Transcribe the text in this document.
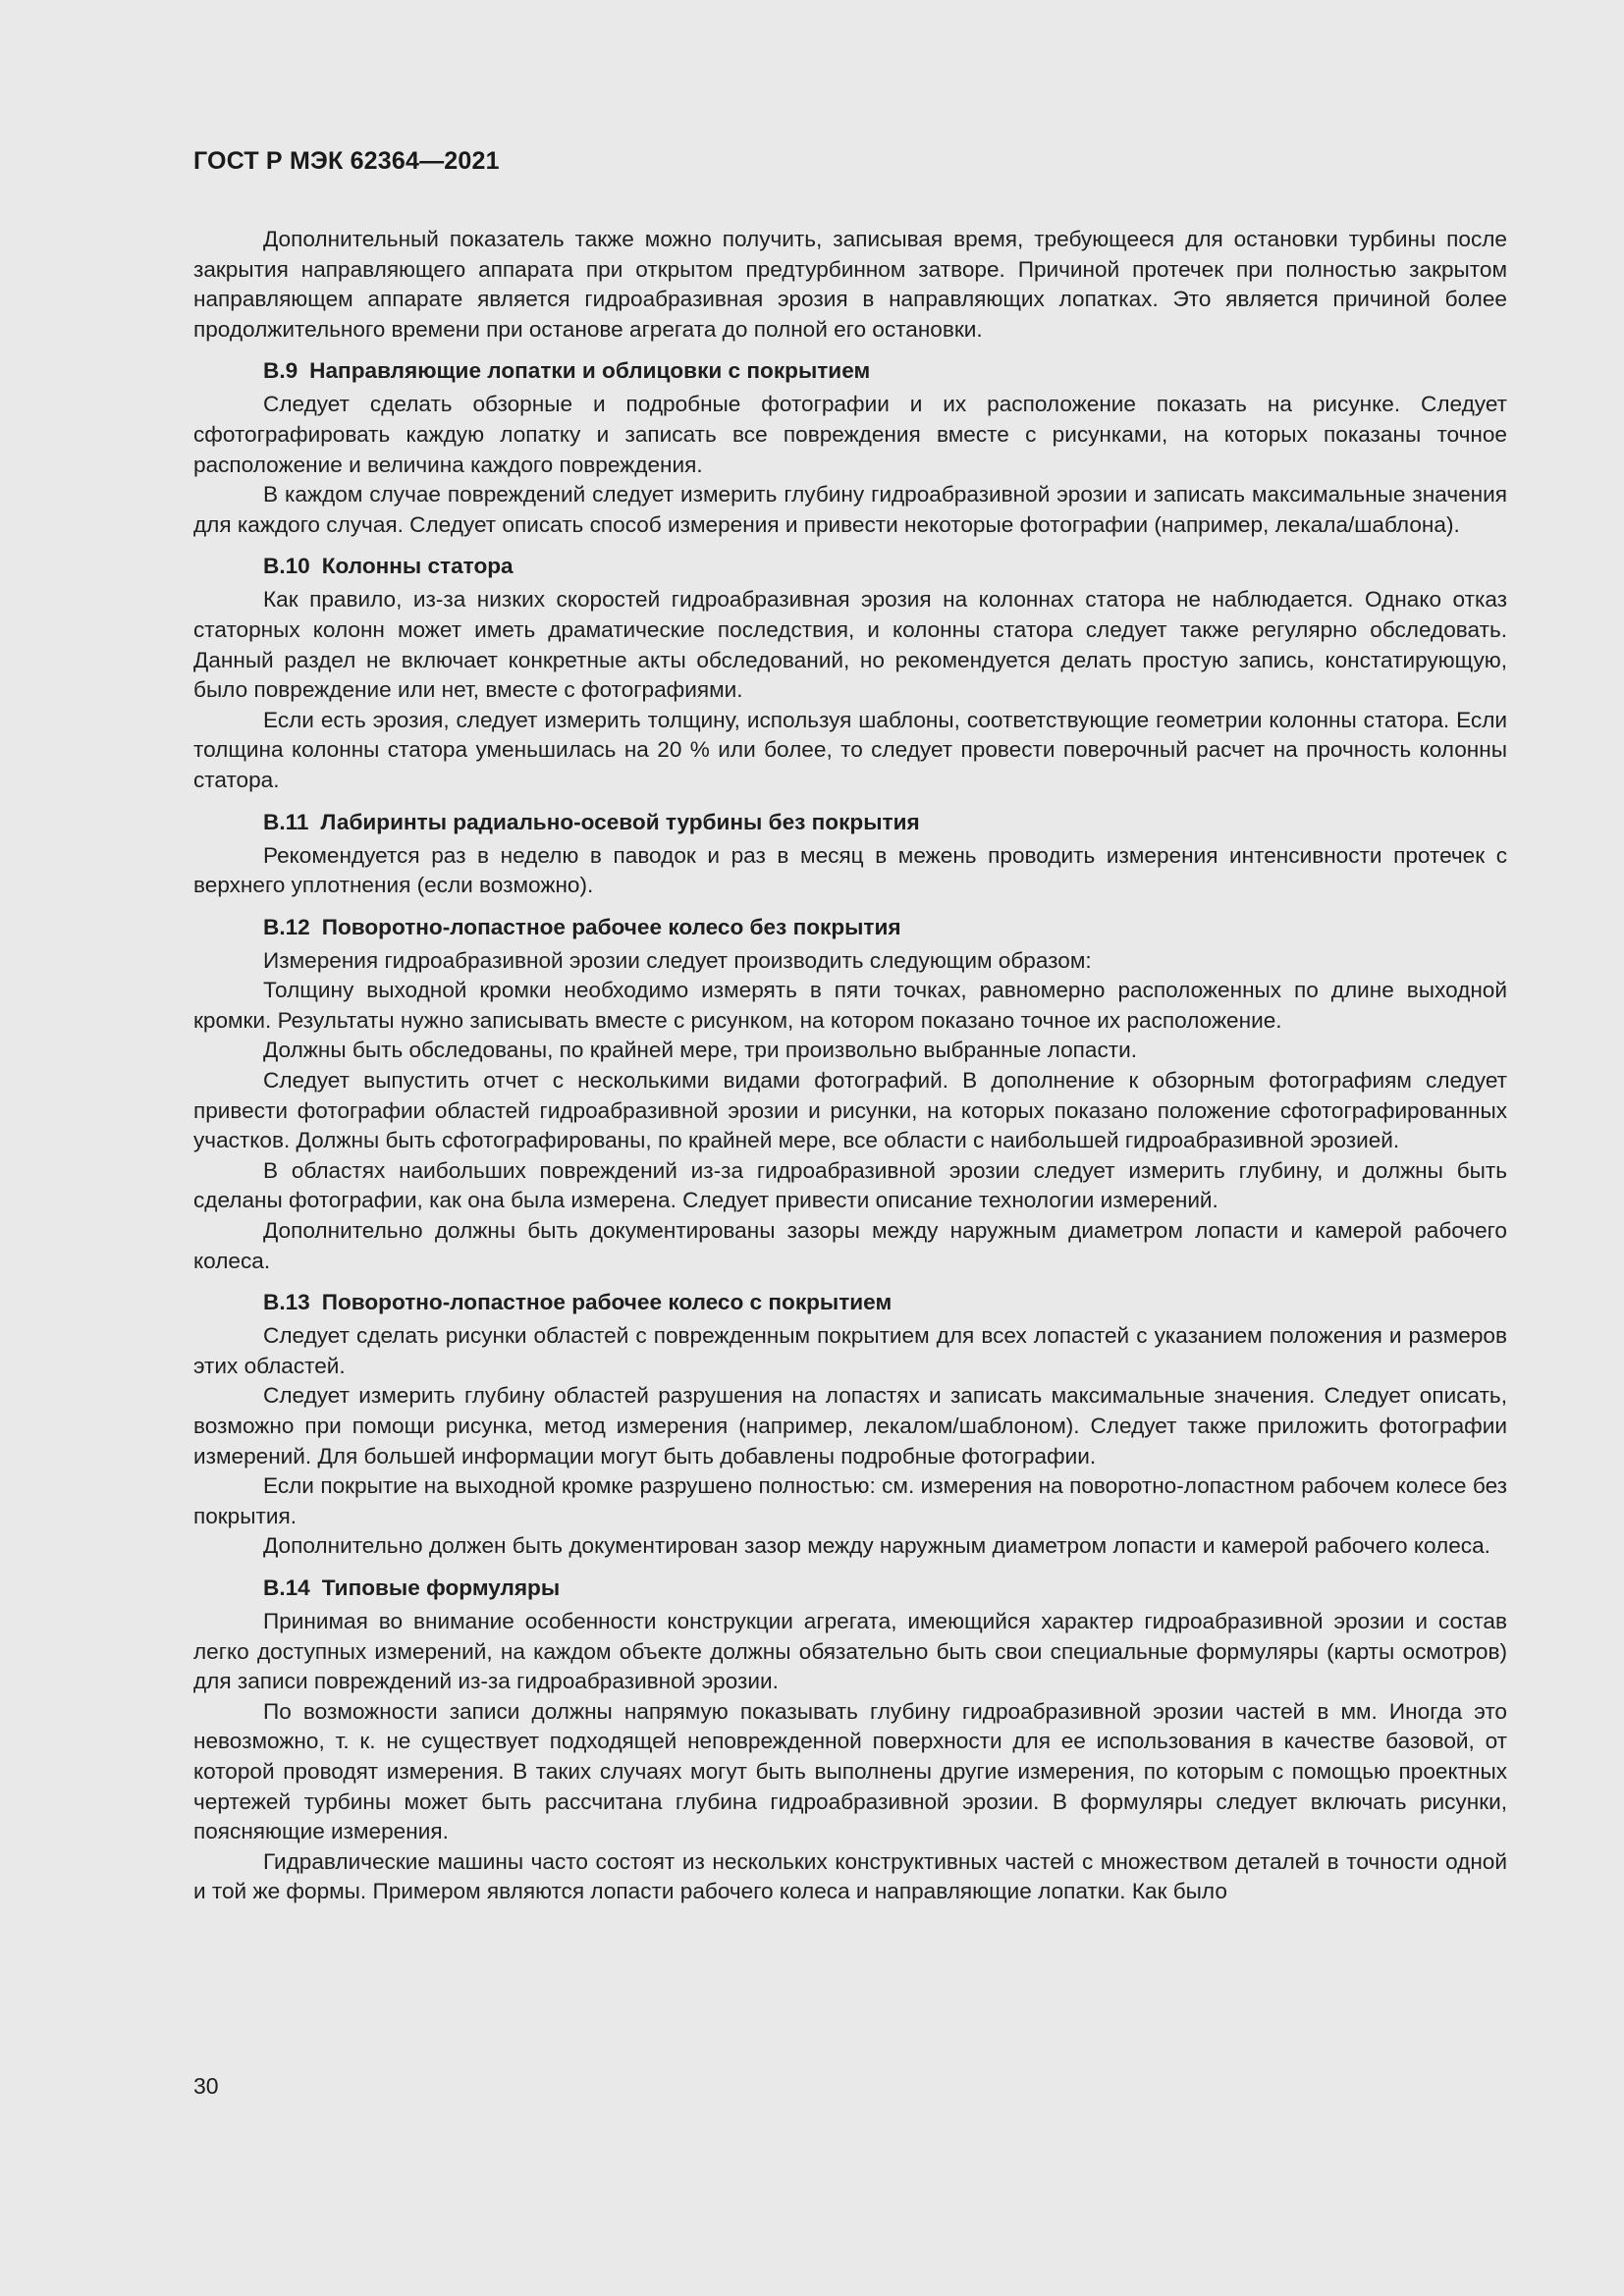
ГОСТ Р МЭК 62364—2021

Дополнительный показатель также можно получить, записывая время, требующееся для остановки турбины после закрытия направляющего аппарата при открытом предтурбинном затворе. Причиной протечек при полностью закрытом направляющем аппарате является гидроабразивная эрозия в направляющих лопатках. Это является причиной более продолжительного времени при останове агрегата до полной его остановки.

В.9 Направляющие лопатки и облицовки с покрытием

Следует сделать обзорные и подробные фотографии и их расположение показать на рисунке. Следует сфотографировать каждую лопатку и записать все повреждения вместе с рисунками, на которых показаны точное расположение и величина каждого повреждения.

В каждом случае повреждений следует измерить глубину гидроабразивной эрозии и записать максимальные значения для каждого случая. Следует описать способ измерения и привести некоторые фотографии (например, лекала/шаблона).

В.10 Колонны статора

Как правило, из-за низких скоростей гидроабразивная эрозия на колоннах статора не наблюдается. Однако отказ статорных колонн может иметь драматические последствия, и колонны статора следует также регулярно обследовать. Данный раздел не включает конкретные акты обследований, но рекомендуется делать простую запись, констатирующую, было повреждение или нет, вместе с фотографиями.

Если есть эрозия, следует измерить толщину, используя шаблоны, соответствующие геометрии колонны статора. Если толщина колонны статора уменьшилась на 20 % или более, то следует провести поверочный расчет на прочность колонны статора.

В.11 Лабиринты радиально-осевой турбины без покрытия

Рекомендуется раз в неделю в паводок и раз в месяц в межень проводить измерения интенсивности протечек с верхнего уплотнения (если возможно).

В.12 Поворотно-лопастное рабочее колесо без покрытия

Измерения гидроабразивной эрозии следует производить следующим образом:

Толщину выходной кромки необходимо измерять в пяти точках, равномерно расположенных по длине выходной кромки. Результаты нужно записывать вместе с рисунком, на котором показано точное их расположение.

Должны быть обследованы, по крайней мере, три произвольно выбранные лопасти.

Следует выпустить отчет с несколькими видами фотографий. В дополнение к обзорным фотографиям следует привести фотографии областей гидроабразивной эрозии и рисунки, на которых показано положение сфотографированных участков. Должны быть сфотографированы, по крайней мере, все области с наибольшей гидроабразивной эрозией.

В областях наибольших повреждений из-за гидроабразивной эрозии следует измерить глубину, и должны быть сделаны фотографии, как она была измерена. Следует привести описание технологии измерений.

Дополнительно должны быть документированы зазоры между наружным диаметром лопасти и камерой рабочего колеса.

В.13 Поворотно-лопастное рабочее колесо с покрытием

Следует сделать рисунки областей с поврежденным покрытием для всех лопастей с указанием положения и размеров этих областей.

Следует измерить глубину областей разрушения на лопастях и записать максимальные значения. Следует описать, возможно при помощи рисунка, метод измерения (например, лекалом/шаблоном). Следует также приложить фотографии измерений. Для большей информации могут быть добавлены подробные фотографии.

Если покрытие на выходной кромке разрушено полностью: см. измерения на поворотно-лопастном рабочем колесе без покрытия.

Дополнительно должен быть документирован зазор между наружным диаметром лопасти и камерой рабочего колеса.

В.14 Типовые формуляры

Принимая во внимание особенности конструкции агрегата, имеющийся характер гидроабразивной эрозии и состав легко доступных измерений, на каждом объекте должны обязательно быть свои специальные формуляры (карты осмотров) для записи повреждений из-за гидроабразивной эрозии.

По возможности записи должны напрямую показывать глубину гидроабразивной эрозии частей в мм. Иногда это невозможно, т. к. не существует подходящей неповрежденной поверхности для ее использования в качестве базовой, от которой проводят измерения. В таких случаях могут быть выполнены другие измерения, по которым с помощью проектных чертежей турбины может быть рассчитана глубина гидроабразивной эрозии. В формуляры следует включать рисунки, поясняющие измерения.

Гидравлические машины часто состоят из нескольких конструктивных частей с множеством деталей в точности одной и той же формы. Примером являются лопасти рабочего колеса и направляющие лопатки. Как было

30
